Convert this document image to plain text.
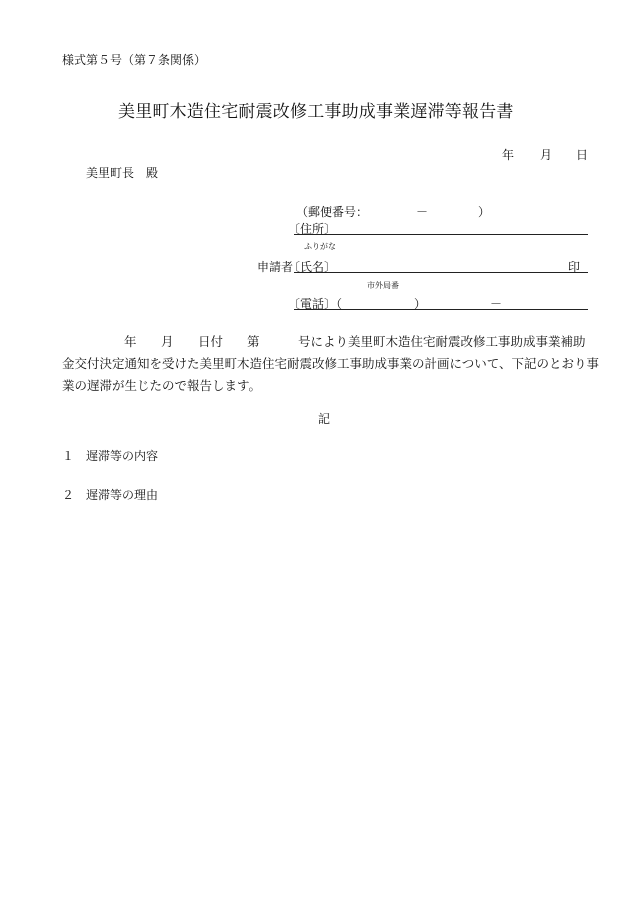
様式第５号（第７条関係）
美里町木造住宅耐震改修工事助成事業遅滞等報告書
年 月 日
美里町長　殿
（郵便番号：	－	）
〔住所〕
ふりがな
申請者
〔氏名〕	印
市外局番
〔電話〕（	）	－
年 月 日付 第	号により美里町木造住宅耐震改修工事助成事業補助
金交付決定通知を受けた美里町木造住宅耐震改修工事助成事業の計画について、下記のとおり事
業の遅滞が生じたので報告します。
記
１ 遅滞等の内容
２ 遅滞等の理由
